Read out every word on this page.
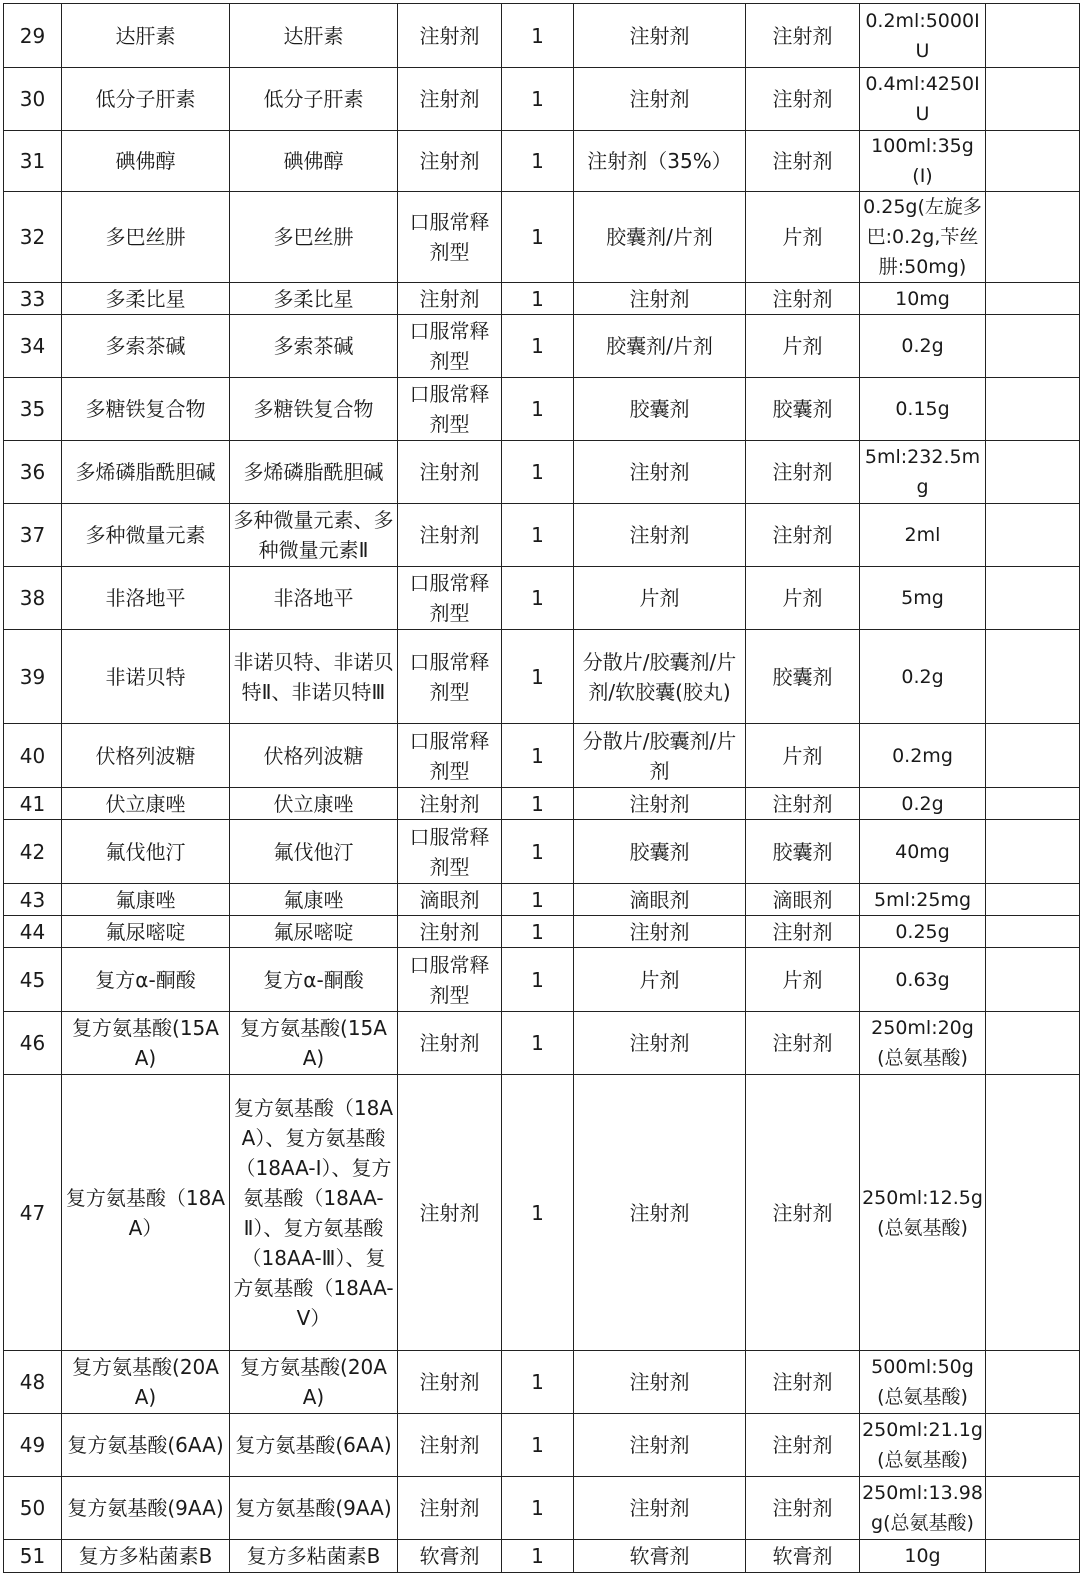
29	达肝素	达肝素	注射剂	1	注射剂	注射剂	0.2ml:5000IU	
30	低分子肝素	低分子肝素	注射剂	1	注射剂	注射剂	0.4ml:4250IU	
31	碘佛醇	碘佛醇	注射剂	1	注射剂（35%）	注射剂	100ml:35g(I)	
32	多巴丝肼	多巴丝肼	口服常释剂型	1	胶囊剂/片剂	片剂	0.25g(左旋多巴:0.2g,苄丝肼:50mg)	
33	多柔比星	多柔比星	注射剂	1	注射剂	注射剂	10mg	
34	多索茶碱	多索茶碱	口服常释剂型	1	胶囊剂/片剂	片剂	0.2g	
35	多糖铁复合物	多糖铁复合物	口服常释剂型	1	胶囊剂	胶囊剂	0.15g	
36	多烯磷脂酰胆碱	多烯磷脂酰胆碱	注射剂	1	注射剂	注射剂	5ml:232.5mg	
37	多种微量元素	多种微量元素、多种微量元素Ⅱ	注射剂	1	注射剂	注射剂	2ml	
38	非洛地平	非洛地平	口服常释剂型	1	片剂	片剂	5mg	
39	非诺贝特	非诺贝特、非诺贝特Ⅱ、非诺贝特Ⅲ	口服常释剂型	1	分散片/胶囊剂/片剂/软胶囊(胶丸)	胶囊剂	0.2g	
40	伏格列波糖	伏格列波糖	口服常释剂型	1	分散片/胶囊剂/片剂	片剂	0.2mg	
41	伏立康唑	伏立康唑	注射剂	1	注射剂	注射剂	0.2g	
42	氟伐他汀	氟伐他汀	口服常释剂型	1	胶囊剂	胶囊剂	40mg	
43	氟康唑	氟康唑	滴眼剂	1	滴眼剂	滴眼剂	5ml:25mg	
44	氟尿嘧啶	氟尿嘧啶	注射剂	1	注射剂	注射剂	0.25g	
45	复方α-酮酸	复方α-酮酸	口服常释剂型	1	片剂	片剂	0.63g	
46	复方氨基酸(15AA)	复方氨基酸(15AA)	注射剂	1	注射剂	注射剂	250ml:20g(总氨基酸)	
47	复方氨基酸（18AA）	复方氨基酸（18AA）、复方氨基酸（18AA-Ⅰ）、复方氨基酸（18AA-Ⅱ）、复方氨基酸（18AA-Ⅲ）、复方氨基酸（18AA-Ⅴ）	注射剂	1	注射剂	注射剂	250ml:12.5g(总氨基酸)	
48	复方氨基酸(20AA)	复方氨基酸(20AA)	注射剂	1	注射剂	注射剂	500ml:50g(总氨基酸)	
49	复方氨基酸(6AA)	复方氨基酸(6AA)	注射剂	1	注射剂	注射剂	250ml:21.1g(总氨基酸)	
50	复方氨基酸(9AA)	复方氨基酸(9AA)	注射剂	1	注射剂	注射剂	250ml:13.98g(总氨基酸)	
51	复方多粘菌素B	复方多粘菌素B	软膏剂	1	软膏剂	软膏剂	10g	
